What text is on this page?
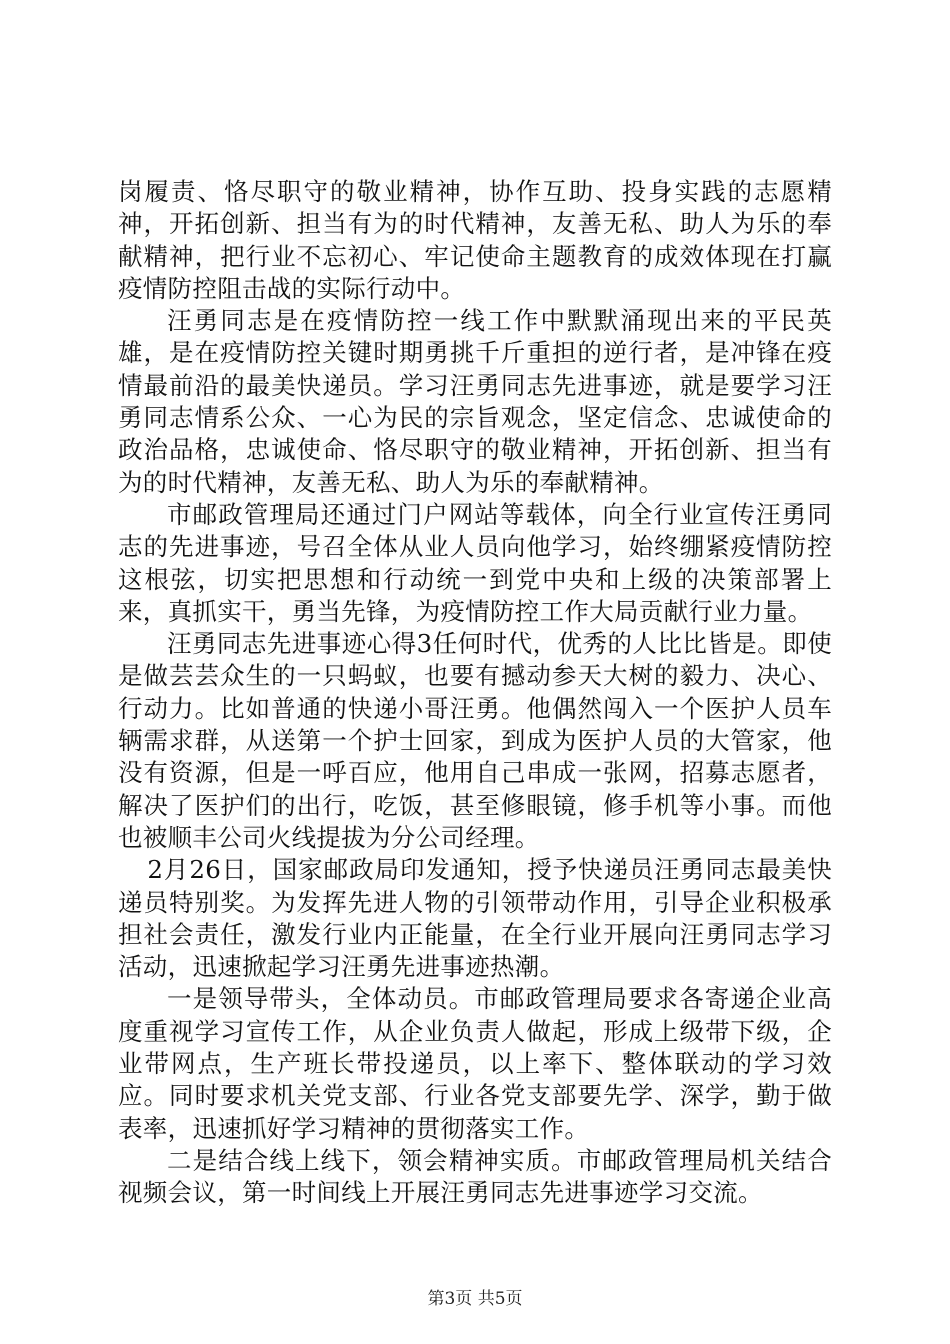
岗履责、恪尽职守的敬业精神，协作互助、投身实践的志愿精神，开拓创新、担当有为的时代精神，友善无私、助人为乐的奉献精神，把行业不忘初心、牢记使命主题教育的成效体现在打赢疫情防控阻击战的实际行动中。

汪勇同志是在疫情防控一线工作中默默涌现出来的平民英雄，是在疫情防控关键时期勇挑千斤重担的逆行者，是冲锋在疫情最前沿的最美快递员。学习汪勇同志先进事迹，就是要学习汪勇同志情系公众、一心为民的宗旨观念，坚定信念、忠诚使命的政治品格，忠诚使命、恪尽职守的敬业精神，开拓创新、担当有为的时代精神，友善无私、助人为乐的奉献精神。

市邮政管理局还通过门户网站等载体，向全行业宣传汪勇同志的先进事迹，号召全体从业人员向他学习，始终绷紧疫情防控这根弦，切实把思想和行动统一到党中央和上级的决策部署上来，真抓实干，勇当先锋，为疫情防控工作大局贡献行业力量。

汪勇同志先进事迹心得3任何时代，优秀的人比比皆是。即使是做芸芸众生的一只蚂蚁，也要有撼动参天大树的毅力、决心、行动力。比如普通的快递小哥汪勇。他偶然闯入一个医护人员车辆需求群，从送第一个护士回家，到成为医护人员的大管家，他没有资源，但是一呼百应，他用自己串成一张网，招募志愿者，解决了医护们的出行，吃饭，甚至修眼镜，修手机等小事。而他也被顺丰公司火线提拔为分公司经理。

2月26日，国家邮政局印发通知，授予快递员汪勇同志最美快递员特别奖。为发挥先进人物的引领带动作用，引导企业积极承担社会责任，激发行业内正能量，在全行业开展向汪勇同志学习活动，迅速掀起学习汪勇先进事迹热潮。

一是领导带头，全体动员。市邮政管理局要求各寄递企业高度重视学习宣传工作，从企业负责人做起，形成上级带下级，企业带网点，生产班长带投递员，以上率下、整体联动的学习效应。同时要求机关党支部、行业各党支部要先学、深学，勤于做表率，迅速抓好学习精神的贯彻落实工作。

二是结合线上线下，领会精神实质。市邮政管理局机关结合视频会议，第一时间线上开展汪勇同志先进事迹学习交流。

第3页 共5页
